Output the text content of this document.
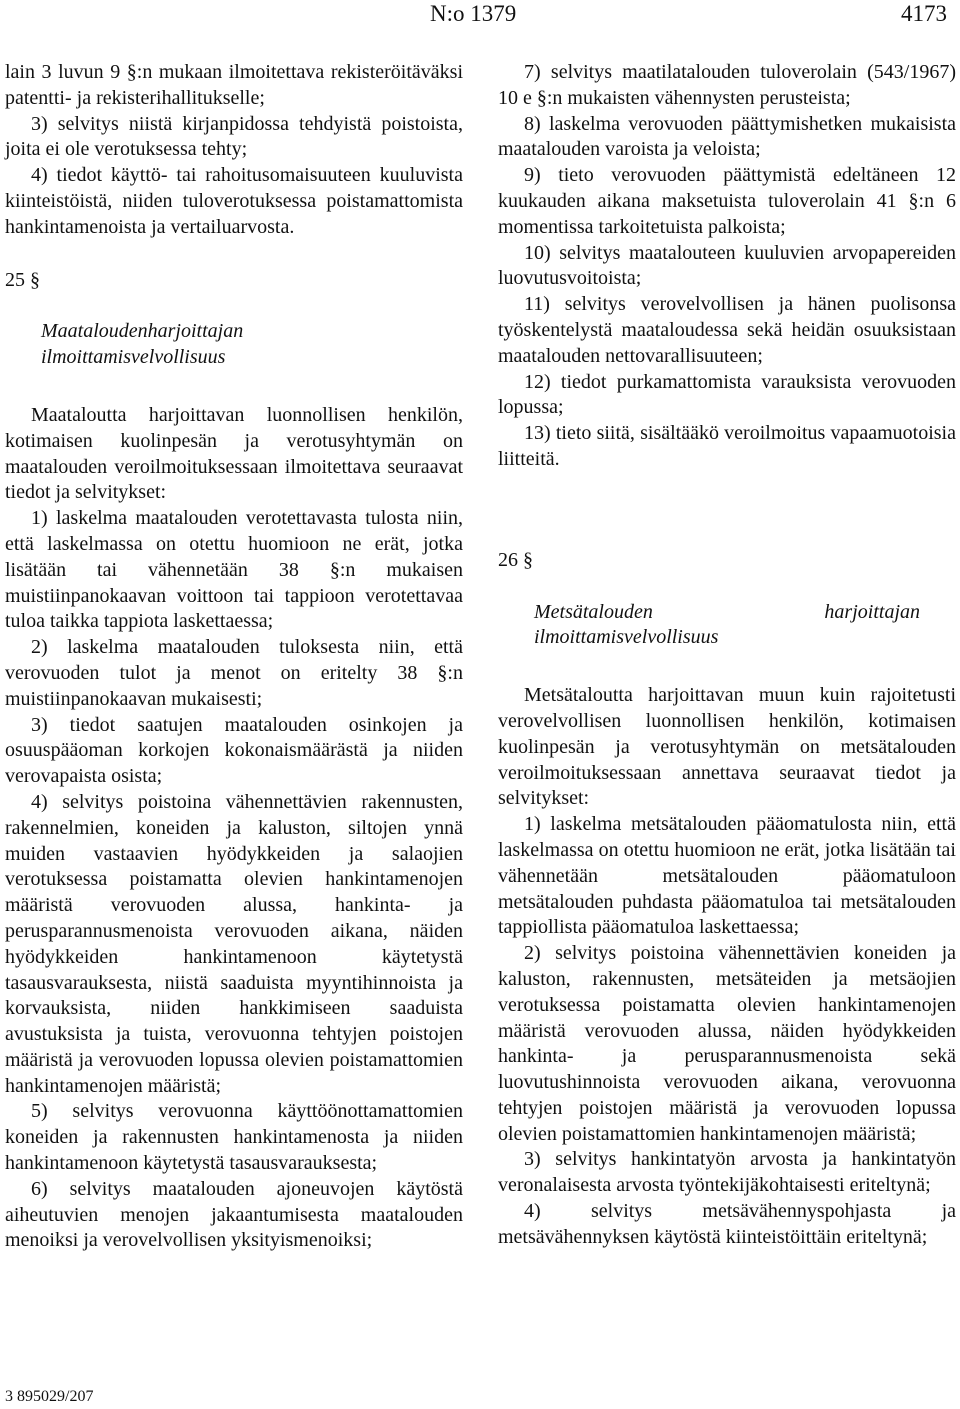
N:o 1379	4173

lain 3 luvun 9 §:n mukaan ilmoitettava rekisteröitäväksi patentti- ja rekisterihallitukselle;

3) selvitys niistä kirjanpidossa tehdyistä poistoista, joita ei ole verotuksessa tehty;

4) tiedot käyttö- tai rahoitusomaisuuteen kuuluvista kiinteistöistä, niiden tuloverotuksessa poistamattomista hankintamenoista ja vertailuarvosta.

25 §

Maataloudenharjoittajan ilmoittamisvelvollisuus

Maataloutta harjoittavan luonnollisen henkilön, kotimaisen kuolinpesän ja verotusyhtymän on maatalouden veroilmoituksessaan ilmoitettava seuraavat tiedot ja selvitykset:

1) laskelma maatalouden verotettavasta tulosta niin, että laskelmassa on otettu huomioon ne erät, jotka lisätään tai vähennetään 38 §:n mukaisen muistiinpanokaavan voittoon tai tappioon verotettavaa tuloa taikka tappiota laskettaessa;

2) laskelma maatalouden tuloksesta niin, että verovuoden tulot ja menot on eritelty 38 §:n muistiinpanokaavan mukaisesti;

3) tiedot saatujen maatalouden osinkojen ja osuuspääoman korkojen kokonaismäärästä ja niiden verovapaista osista;

4) selvitys poistoina vähennettävien rakennusten, rakennelmien, koneiden ja kaluston, siltojen ynnä muiden vastaavien hyödykkeiden ja salaojien verotuksessa poistamatta olevien hankintamenojen määristä verovuoden alussa, hankinta- ja perusparannusmenoista verovuoden aikana, näiden hyödykkeiden hankintamenoon käytetystä tasausvarauksesta, niistä saaduista myyntihinnoista ja korvauksista, niiden hankkimiseen saaduista avustuksista ja tuista, verovuonna tehtyjen poistojen määristä ja verovuoden lopussa olevien poistamattomien hankintamenojen määristä;

5) selvitys verovuonna käyttöönottamattomien koneiden ja rakennusten hankintamenosta ja niiden hankintamenoon käytetystä tasausvarauksesta;

6) selvitys maatalouden ajoneuvojen käytöstä aiheutuvien menojen jakaantumisesta maatalouden menoiksi ja verovelvollisen yksityismenoiksi;

7) selvitys maatilatalouden tuloverolain (543/1967) 10 e §:n mukaisten vähennysten perusteista;

8) laskelma verovuoden päättymishetken mukaisista maatalouden varoista ja veloista;

9) tieto verovuoden päättymistä edeltäneen 12 kuukauden aikana maksetuista tuloverolain 41 §:n 6 momentissa tarkoitetuista palkoista;

10) selvitys maatalouteen kuuluvien arvopapereiden luovutusvoitoista;

11) selvitys verovelvollisen ja hänen puolisonsa työskentelystä maataloudessa sekä heidän osuuksistaan maatalouden nettovarallisuuteen;

12) tiedot purkamattomista varauksista verovuoden lopussa;

13) tieto siitä, sisältääkö veroilmoitus vapaamuotoisia liitteitä.

26 §

Metsätalouden harjoittajan ilmoittamisvelvollisuus

Metsätaloutta harjoittavan muun kuin rajoitetusti verovelvollisen luonnollisen henkilön, kotimaisen kuolinpesän ja verotusyhtymän on metsätalouden veroilmoituksessaan annettava seuraavat tiedot ja selvitykset:

1) laskelma metsätalouden pääomatulosta niin, että laskelmassa on otettu huomioon ne erät, jotka lisätään tai vähennetään metsätalouden pääomatuloon metsätalouden puhdasta pääomatuloa tai metsätalouden tappiollista pääomatuloa laskettaessa;

2) selvitys poistoina vähennettävien koneiden ja kaluston, rakennusten, metsäteiden ja metsäojien verotuksessa poistamatta olevien hankintamenojen määristä verovuoden alussa, näiden hyödykkeiden hankinta- ja perusparannusmenoista sekä luovutushinnoista verovuoden aikana, verovuonna tehtyjen poistojen määristä ja verovuoden lopussa olevien poistamattomien hankintamenojen määristä;

3) selvitys hankintatyön arvosta ja hankintatyön veronalaisesta arvosta työntekijäkohtaisesti eriteltynä;

4) selvitys metsävähennyspohjasta ja metsävähennyksen käytöstä kiinteistöittäin eriteltynä;

3 895029/207
